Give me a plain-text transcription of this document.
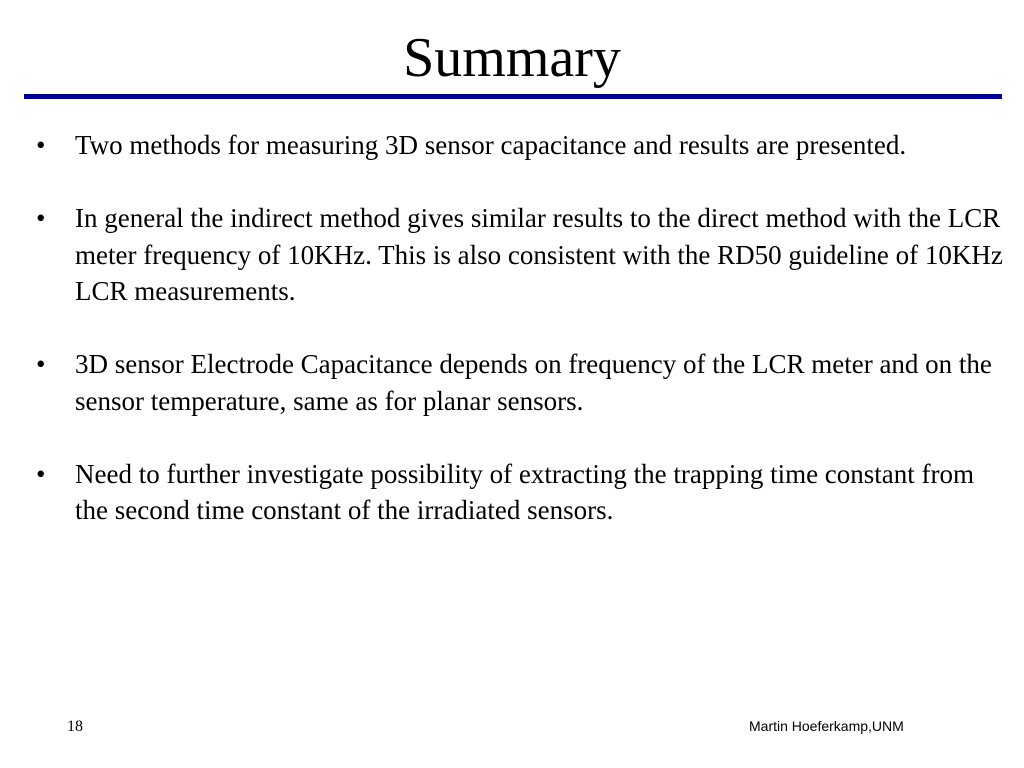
Summary
•	Two methods for measuring 3D sensor capacitance and results are presented.
•	In general the indirect method gives similar results to the direct method with the LCR meter frequency of 10KHz. This is also consistent with the RD50 guideline of 10KHz LCR measurements.
•	3D sensor Electrode Capacitance depends on frequency of the LCR meter and on the sensor temperature, same as for planar sensors.
•	Need to further investigate possibility of extracting the trapping time constant from the second time constant of the irradiated sensors.
18	Martin Hoeferkamp,UNM
